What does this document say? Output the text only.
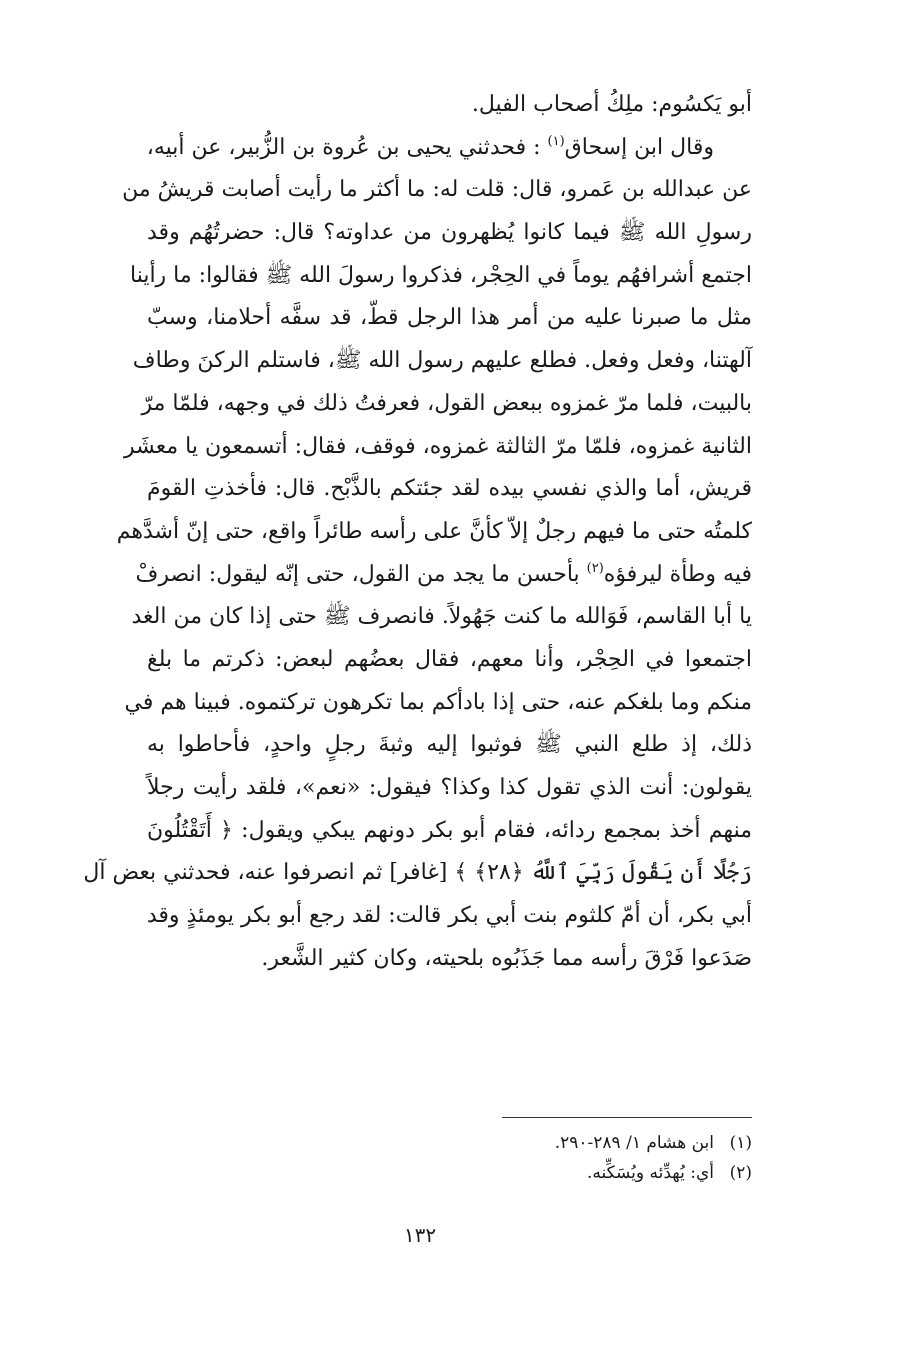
أبو يَكسُوم: ملِكُ أصحاب الفيل.
وقال ابن إسحاق$^{(١)}$ : فحدثني يحيى بن عُروة بن الزُّبير، عن أبيه،
عن عبدالله بن عَمرو، قال: قلت له: ما أكثر ما رأيت أصابت قريشُ من
رسولِ الله ﷺ فيما كانوا يُظهرون من عداوته؟ قال: حضرتُهُم وقد
اجتمع أشرافهُم يوماً في الحِجْر، فذكروا رسولَ الله ﷺ فقالوا: ما رأينا
مثل ما صبرنا عليه من أمر هذا الرجل قطّ، قد سفَّه أحلامنا، وسبّ
آلهتنا، وفعل وفعل. فطلع عليهم رسول الله ﷺ، فاستلم الركنَ وطاف
بالبيت، فلما مرّ غمزوه ببعض القول، فعرفتُ ذلك في وجهه، فلمّا مرّ
الثانية غمزوه، فلمّا مرّ الثالثة غمزوه، فوقف، فقال: أتسمعون يا معشَر
قريش، أما والذي نفسي بيده لقد جئتكم بالذَّبْح. قال: فأخذتِ القومَ
كلمتُه حتى ما فيهم رجلٌ إلاّ كأنَّ على رأسه طائراً واقع، حتى إنّ أشدَّهم
فيه وطأة ليرفؤه$^{(٢)}$ بأحسن ما يجد من القول، حتى إنّه ليقول: انصرفْ
يا أبا القاسم، فَوَالله ما كنت جَهُولاً. فانصرف ﷺ حتى إذا كان من الغد
اجتمعوا في الحِجْر، وأنا معهم، فقال بعضُهم لبعض: ذكرتم ما بلغ
منكم وما بلغكم عنه، حتى إذا بادأكم بما تكرهون تركتموه. فبينا هم في
ذلك، إذ طلع النبي ﷺ فوثبوا إليه وثبةَ رجلٍ واحدٍ، فأحاطوا به
يقولون: أنت الذي تقول كذا وكذا؟ فيقول: «نعم»، فلقد رأيت رجلاً
منهم أخذ بمجمع ردائه، فقام أبو بكر دونهم يبكي ويقول: ﴿ أَتَقْتُلُونَ
رَجُلًا أَن يَقُولَ رَبِّيَ ٱللَّهُ ﴿٢٨﴾ ﴾ [غافر] ثم انصرفوا عنه، فحدثني بعض آل
أبي بكر، أن أمّ كلثوم بنت أبي بكر قالت: لقد رجع أبو بكر يومئذٍ وقد
صَدَعوا فَرْقَ رأسه مما جَذَبُوه بلحيته، وكان كثير الشَّعر.
(١)ابن هشام ١/ ٢٨٩-٢٩٠.
(٢)أي: يُهدِّئه ويُسَكِّنه.
١٣٢
